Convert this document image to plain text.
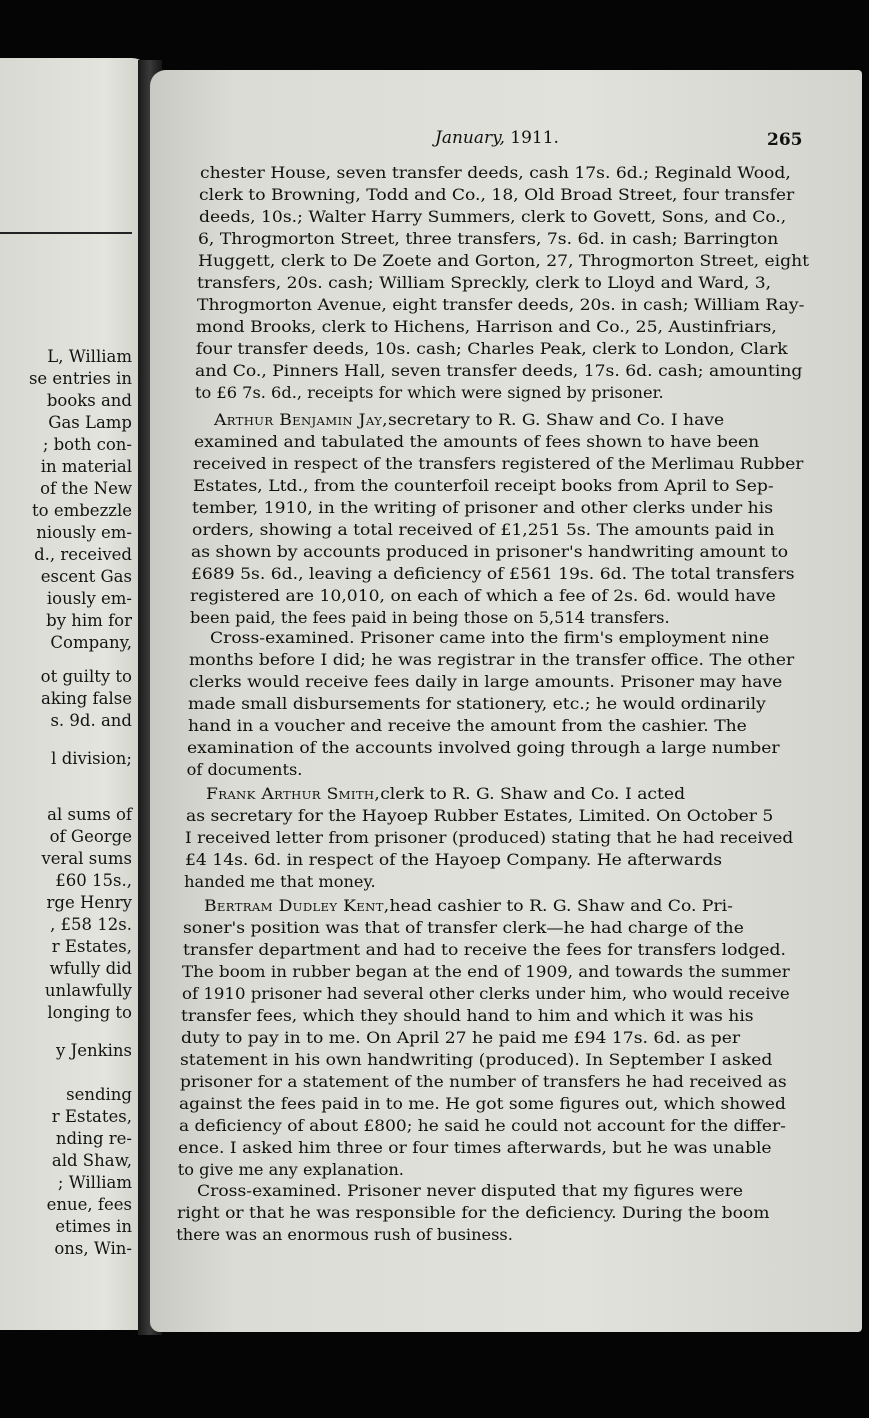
L, William
se entries in
books and
Gas Lamp
; both con-
in material
of the New
to embezzle
niously em-
d., received
escent Gas
iously em-
by him for
Company,
ot guilty to
aking false
s. 9d. and
l division;
al sums of
of George
veral sums
£60 15s.,
rge Henry
, £58 12s.
r Estates,
wfully did
unlawfully
longing to
y Jenkins
sending
r Estates,
nding re-
ald Shaw,
; William
enue, fees
etimes in
ons, Win-
January, 1911.	265
chester House, seven transfer deeds, cash 17s. 6d.; Reginald Wood,
clerk to Browning, Todd and Co., 18, Old Broad Street, four transfer
deeds, 10s.; Walter Harry Summers, clerk to Govett, Sons, and Co.,
6, Throgmorton Street, three transfers, 7s. 6d. in cash; Barrington
Huggett, clerk to De Zoete and Gorton, 27, Throgmorton Street, eight
transfers, 20s. cash; William Spreckly, clerk to Lloyd and Ward, 3,
Throgmorton Avenue, eight transfer deeds, 20s. in cash; William Ray-
mond Brooks, clerk to Hichens, Harrison and Co., 25, Austinfriars,
four transfer deeds, 10s. cash; Charles Peak, clerk to London, Clark
and Co., Pinners Hall, seven transfer deeds, 17s. 6d. cash; amounting
to £6 7s. 6d., receipts for which were signed by prisoner.
Arthur Benjamin Jay,secretary to R. G. Shaw and Co. I have
examined and tabulated the amounts of fees shown to have been
received in respect of the transfers registered of the Merlimau Rubber
Estates, Ltd., from the counterfoil receipt books from April to Sep-
tember, 1910, in the writing of prisoner and other clerks under his
orders, showing a total received of £1,251 5s. The amounts paid in
as shown by accounts produced in prisoner's handwriting amount to
£689 5s. 6d., leaving a deficiency of £561 19s. 6d. The total transfers
registered are 10,010, on each of which a fee of 2s. 6d. would have
been paid, the fees paid in being those on 5,514 transfers.
Cross-examined. Prisoner came into the firm's employment nine
months before I did; he was registrar in the transfer office. The other
clerks would receive fees daily in large amounts. Prisoner may have
made small disbursements for stationery, etc.; he would ordinarily
hand in a voucher and receive the amount from the cashier. The
examination of the accounts involved going through a large number
of documents.
Frank Arthur Smith,clerk to R. G. Shaw and Co. I acted
as secretary for the Hayoep Rubber Estates, Limited. On October 5
I received letter from prisoner (produced) stating that he had received
£4 14s. 6d. in respect of the Hayoep Company. He afterwards
handed me that money.
Bertram Dudley Kent,head cashier to R. G. Shaw and Co. Pri-
soner's position was that of transfer clerk—he had charge of the
transfer department and had to receive the fees for transfers lodged.
The boom in rubber began at the end of 1909, and towards the summer
of 1910 prisoner had several other clerks under him, who would receive
transfer fees, which they should hand to him and which it was his
duty to pay in to me. On April 27 he paid me £94 17s. 6d. as per
statement in his own handwriting (produced). In September I asked
prisoner for a statement of the number of transfers he had received as
against the fees paid in to me. He got some figures out, which showed
a deficiency of about £800; he said he could not account for the differ-
ence. I asked him three or four times afterwards, but he was unable
to give me any explanation.
Cross-examined. Prisoner never disputed that my figures were
right or that he was responsible for the deficiency. During the boom
there was an enormous rush of business.
